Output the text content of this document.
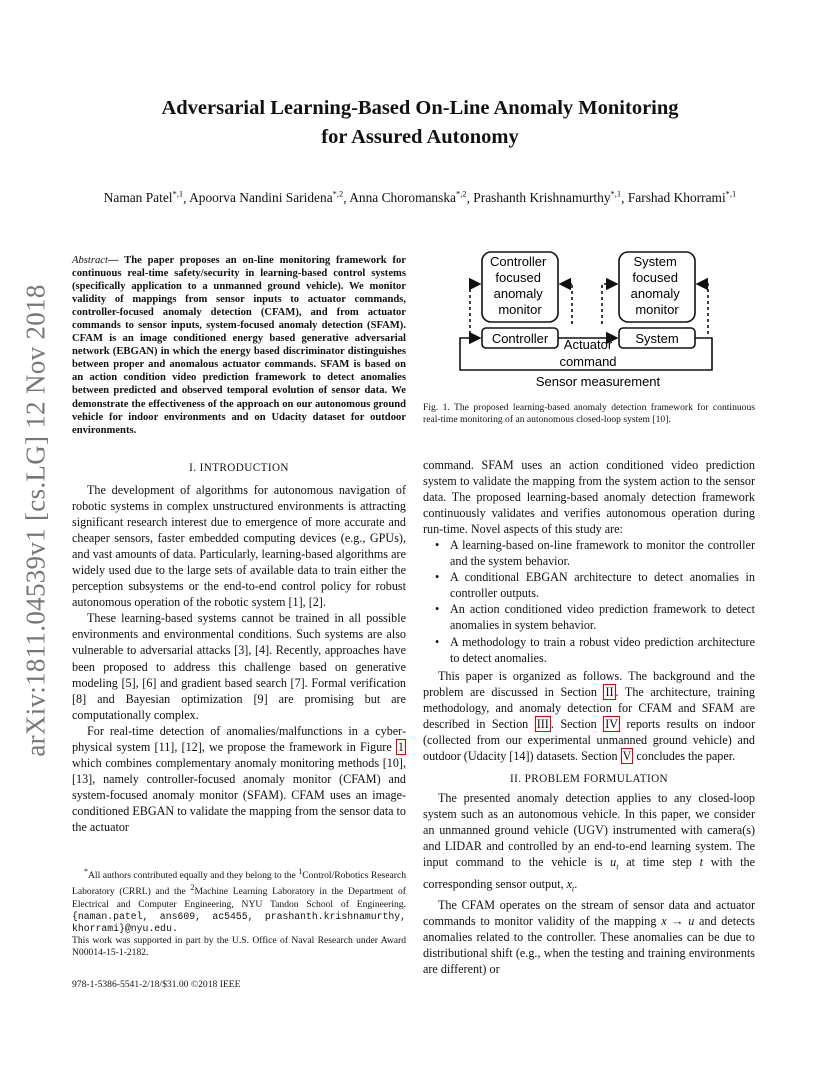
arXiv:1811.04539v1 [cs.LG] 12 Nov 2018
Adversarial Learning-Based On-Line Anomaly Monitoring
for Assured Autonomy
Naman Patel$^{*,1}$, Apoorva Nandini Saridena$^{*,2}$, Anna Choromanska$^{*,2}$, Prashanth Krishnamurthy$^{*,1}$, Farshad Khorrami$^{*,1}$
Abstract— The paper proposes an on-line monitoring framework for continuous real-time safety/security in learning-based control systems (specifically application to a unmanned ground vehicle). We monitor validity of mappings from sensor inputs to actuator commands, controller-focused anomaly detection (CFAM), and from actuator commands to sensor inputs, system-focused anomaly detection (SFAM). CFAM is an image conditioned energy based generative adversarial network (EBGAN) in which the energy based discriminator distinguishes between proper and anomalous actuator commands. SFAM is based on an action condition video prediction framework to detect anomalies between predicted and observed temporal evolution of sensor data. We demonstrate the effectiveness of the approach on our autonomous ground vehicle for indoor environments and on Udacity dataset for outdoor environments.
I. INTRODUCTION

The development of algorithms for autonomous navigation of robotic systems in complex unstructured environments is attracting significant research interest due to emergence of more accurate and cheaper sensors, faster embedded computing devices (e.g., GPUs), and vast amounts of data. Particularly, learning-based algorithms are widely used due to the large sets of available data to train either the perception subsystems or the end-to-end control policy for robust autonomous operation of the robotic system [1], [2].

These learning-based systems cannot be trained in all possible environments and environmental conditions. Such systems are also vulnerable to adversarial attacks [3], [4]. Recently, approaches have been proposed to address this challenge based on generative modeling [5], [6] and gradient based search [7]. Formal verification [8] and Bayesian optimization [9] are promising but are computationally complex.

For real-time detection of anomalies/malfunctions in a cyber-physical system [11], [12], we propose the framework in Figure 1 which combines complementary anomaly monitoring methods [10], [13], namely controller-focused anomaly monitor (CFAM) and system-focused anomaly monitor (SFAM). CFAM uses an image-conditioned EBGAN to validate the mapping from the sensor data to the actuator

*All authors contributed equally and they belong to the $^1$Control/Robotics Research Laboratory (CRRL) and the $^2$Machine Learning Laboratory in the Department of Electrical and Computer Engineering, NYU Tandon School of Engineering. {naman.patel, ans609, ac5455, prashanth.krishnamurthy, khorrami}@nyu.edu.
This work was supported in part by the U.S. Office of Naval Research under Award N00014-15-1-2182.
978-1-5386-5541-2/18/$31.00 ©2018 IEEE
Controller focused anomaly monitor
System focused anomaly monitor
Controller	System
Actuator
command
Sensor measurement
Fig. 1. The proposed learning-based anomaly detection framework for continuous real-time monitoring of an autonomous closed-loop system [10].

command. SFAM uses an action conditioned video prediction system to validate the mapping from the system action to the sensor data. The proposed learning-based anomaly detection framework continuously validates and verifies autonomous operation during run-time. Novel aspects of this study are:

• A learning-based on-line framework to monitor the controller and the system behavior.
• A conditional EBGAN architecture to detect anomalies in controller outputs.
• An action conditioned video prediction framework to detect anomalies in system behavior.
• A methodology to train a robust video prediction architecture to detect anomalies.

This paper is organized as follows. The background and the problem are discussed in Section II . The architecture, training methodology, and anomaly detection for CFAM and SFAM are described in Section III . Section IV reports results on indoor (collected from our experimental unmanned ground vehicle) and outdoor (Udacity [14]) datasets. Section V concludes the paper.

II. PROBLEM FORMULATION

The presented anomaly detection applies to any closed-loop system such as an autonomous vehicle. In this paper, we consider an unmanned ground vehicle (UGV) instrumented with camera(s) and LIDAR and controlled by an end-to-end learning system. The input command to the vehicle is $u_t$ at time step t with the corresponding sensor output, $x_t$.

The CFAM operates on the stream of sensor data and actuator commands to monitor validity of the mapping x → u and detects anomalies related to the controller. These anomalies can be due to distributional shift (e.g., when the testing and training environments are different) or
